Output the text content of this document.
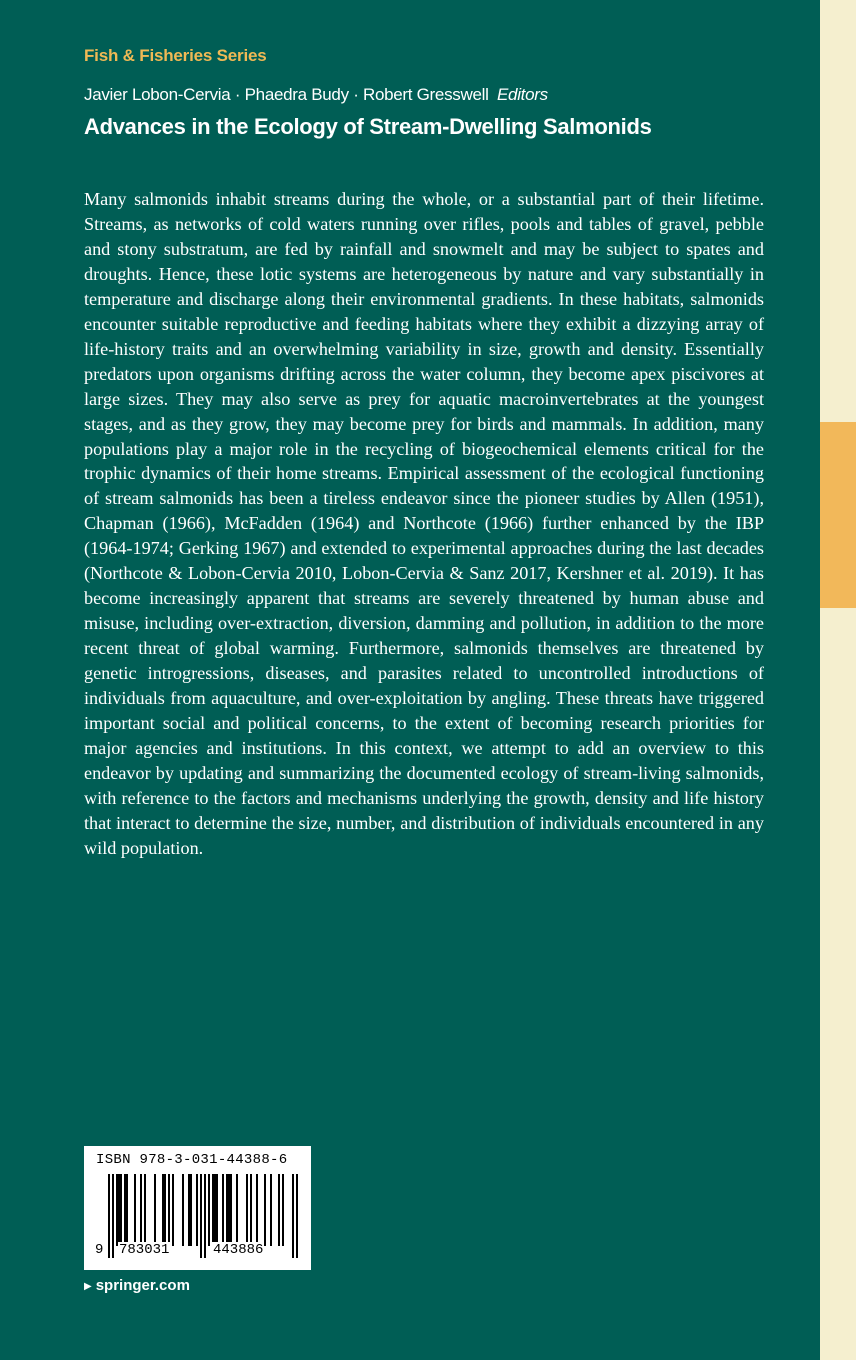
Fish & Fisheries Series
Javier Lobon-Cervia · Phaedra Budy · Robert Gresswell Editors
Advances in the Ecology of Stream-Dwelling Salmonids

Many salmonids inhabit streams during the whole, or a substantial part of their lifetime. Streams, as networks of cold waters running over rifles, pools and tables of gravel, pebble and stony substratum, are fed by rainfall and snowmelt and may be subject to spates and droughts. Hence, these lotic systems are heterogeneous by nature and vary substantially in temperature and discharge along their environmental gradients. In these habitats, salmonids encounter suitable reproductive and feeding habitats where they exhibit a dizzying array of life-history traits and an overwhelming variability in size, growth and density. Essentially predators upon organisms drifting across the water column, they become apex piscivores at large sizes. They may also serve as prey for aquatic macroinvertebrates at the youngest stages, and as they grow, they may become prey for birds and mammals. In addition, many populations play a major role in the recycling of biogeochemical elements critical for the trophic dynamics of their home streams. Empirical assessment of the ecological functioning of stream salmonids has been a tireless endeavor since the pioneer studies by Allen (1951), Chapman (1966), McFadden (1964) and Northcote (1966) further enhanced by the IBP (1964-1974; Gerking 1967) and extended to experimental approaches during the last decades (Northcote & Lobon-Cervia 2010, Lobon-Cervia & Sanz 2017, Kershner et al. 2019). It has become increasingly apparent that streams are severely threatened by human abuse and misuse, including over-extraction, diversion, damming and pollution, in addition to the more recent threat of global warming. Furthermore, salmonids themselves are threatened by genetic introgressions, diseases, and parasites related to uncontrolled introductions of individuals from aquaculture, and over-exploitation by angling. These threats have triggered important social and political concerns, to the extent of becoming research priorities for major agencies and institutions. In this context, we attempt to add an overview to this endeavor by updating and summarizing the documented ecology of stream-living salmonids, with reference to the factors and mechanisms underlying the growth, density and life history that interact to determine the size, number, and distribution of individuals encountered in any wild population.

ISBN 978-3-031-44388-6
9 783031	443886
▶ springer.com
